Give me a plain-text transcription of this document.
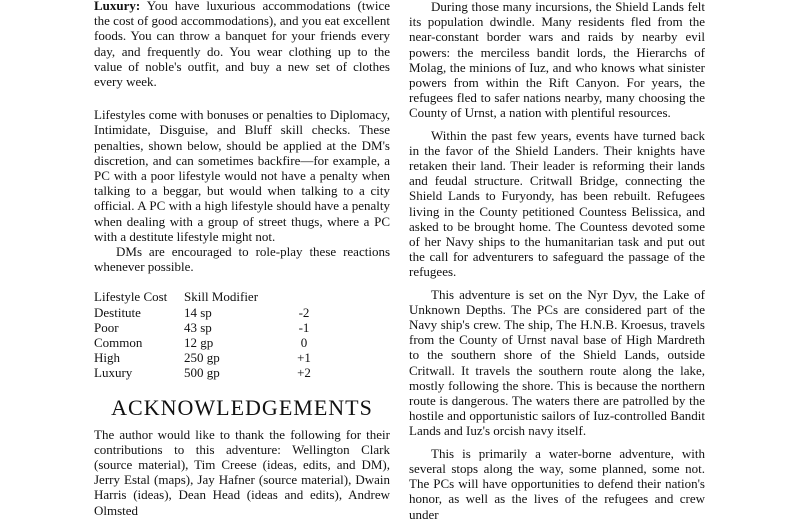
Luxury: You have luxurious accommodations (twice the cost of good accommodations), and you eat excellent foods. You can throw a banquet for your friends every day, and frequently do. You wear clothing up to the value of noble's outfit, and buy a new set of clothes every week.

Lifestyles come with bonuses or penalties to Diplomacy, Intimidate, Disguise, and Bluff skill checks. These penalties, shown below, should be applied at the DM's discretion, and can sometimes backfire—for example, a PC with a poor lifestyle would not have a penalty when talking to a beggar, but would when talking to a city official. A PC with a high lifestyle should have a penalty when dealing with a group of street thugs, where a PC with a destitute lifestyle might not.

DMs are encouraged to role-play these reactions whenever possible.

Lifestyle Cost	Skill Modifier	
Destitute	14 sp	-2
Poor	43 sp	-1
Common	12 gp	0
High	250 gp	+1
Luxury	500 gp	+2
ACKNOWLEDGEMENTS

The author would like to thank the following for their contributions to this adventure: Wellington Clark (source material), Tim Creese (ideas, edits, and DM), Jerry Estal (maps), Jay Hafner (source material), Dwain Harris (ideas), Dean Head (ideas and edits), Andrew Olmsted

During those many incursions, the Shield Lands felt its population dwindle. Many residents fled from the near-constant border wars and raids by nearby evil powers: the merciless bandit lords, the Hierarchs of Molag, the minions of Iuz, and who knows what sinister powers from within the Rift Canyon. For years, the refugees fled to safer nations nearby, many choosing the County of Urnst, a nation with plentiful resources.

Within the past few years, events have turned back in the favor of the Shield Landers. Their knights have retaken their land. Their leader is reforming their lands and feudal structure. Critwall Bridge, connecting the Shield Lands to Furyondy, has been rebuilt. Refugees living in the County petitioned Countess Belissica, and asked to be brought home. The Countess devoted some of her Navy ships to the humanitarian task and put out the call for adventurers to safeguard the passage of the refugees.

This adventure is set on the Nyr Dyv, the Lake of Unknown Depths. The PCs are considered part of the Navy ship's crew. The ship, The H.N.B. Kroesus, travels from the County of Urnst naval base of High Mardreth to the southern shore of the Shield Lands, outside Critwall. It travels the southern route along the lake, mostly following the shore. This is because the northern route is dangerous. The waters there are patrolled by the hostile and opportunistic sailors of Iuz-controlled Bandit Lands and Iuz's orcish navy itself.

This is primarily a water-borne adventure, with several stops along the way, some planned, some not. The PCs will have opportunities to defend their nation's honor, as well as the lives of the refugees and crew under
